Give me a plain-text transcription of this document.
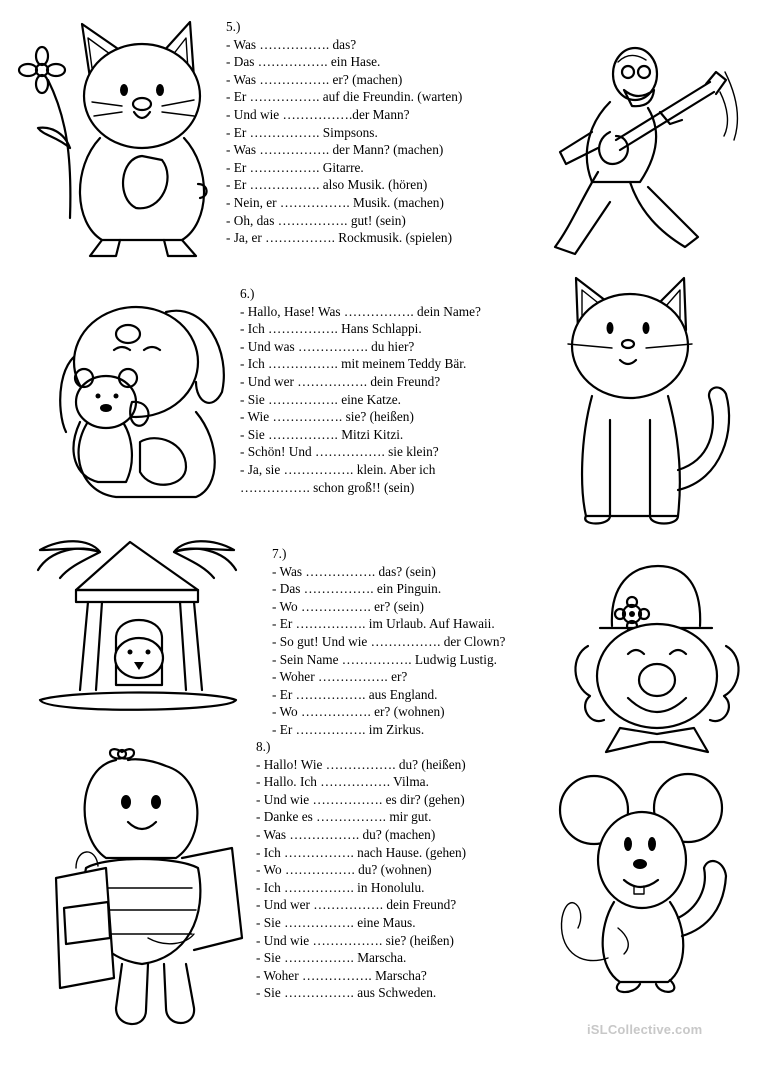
5.)
- Was ……………. das?
- Das ……………. ein Hase.
- Was ……………. er? (machen)
- Er ……………. auf die Freundin. (warten)
- Und wie …………….der Mann?
- Er ……………. Simpsons.
- Was ……………. der Mann? (machen)
- Er ……………. Gitarre.
- Er ……………. also Musik. (hören)
- Nein, er ……………. Musik. (machen)
- Oh, das ……………. gut! (sein)
- Ja, er ……………. Rockmusik. (spielen)
6.)
- Hallo, Hase! Was ……………. dein Name?
- Ich ……………. Hans Schlappi.
- Und was ……………. du hier?
- Ich ……………. mit meinem Teddy Bär.
- Und wer ……………. dein Freund?
- Sie ……………. eine Katze.
- Wie ……………. sie? (heißen)
- Sie ……………. Mitzi Kitzi.
- Schön! Und ……………. sie klein?
- Ja, sie ……………. klein. Aber ich
……………. schon groß!! (sein)
7.)
- Was ……………. das? (sein)
- Das ……………. ein Pinguin.
- Wo ……………. er? (sein)
- Er ……………. im Urlaub. Auf Hawaii.
- So gut! Und wie ……………. der Clown?
- Sein Name ……………. Ludwig Lustig.
- Woher ……………. er?
- Er ……………. aus England.
- Wo ……………. er? (wohnen)
- Er ……………. im Zirkus.
8.)
- Hallo! Wie ……………. du? (heißen)
- Hallo. Ich ……………. Vilma.
- Und wie ……………. es dir? (gehen)
- Danke es ……………. mir gut.
- Was ……………. du? (machen)
- Ich ……………. nach Hause. (gehen)
- Wo ……………. du? (wohnen)
- Ich ……………. in Honolulu.
- Und wer ……………. dein Freund?
- Sie ……………. eine Maus.
- Und wie ……………. sie? (heißen)
- Sie ……………. Marscha.
- Woher ……………. Marscha?
- Sie ……………. aus Schweden.
iSLCollective.com
